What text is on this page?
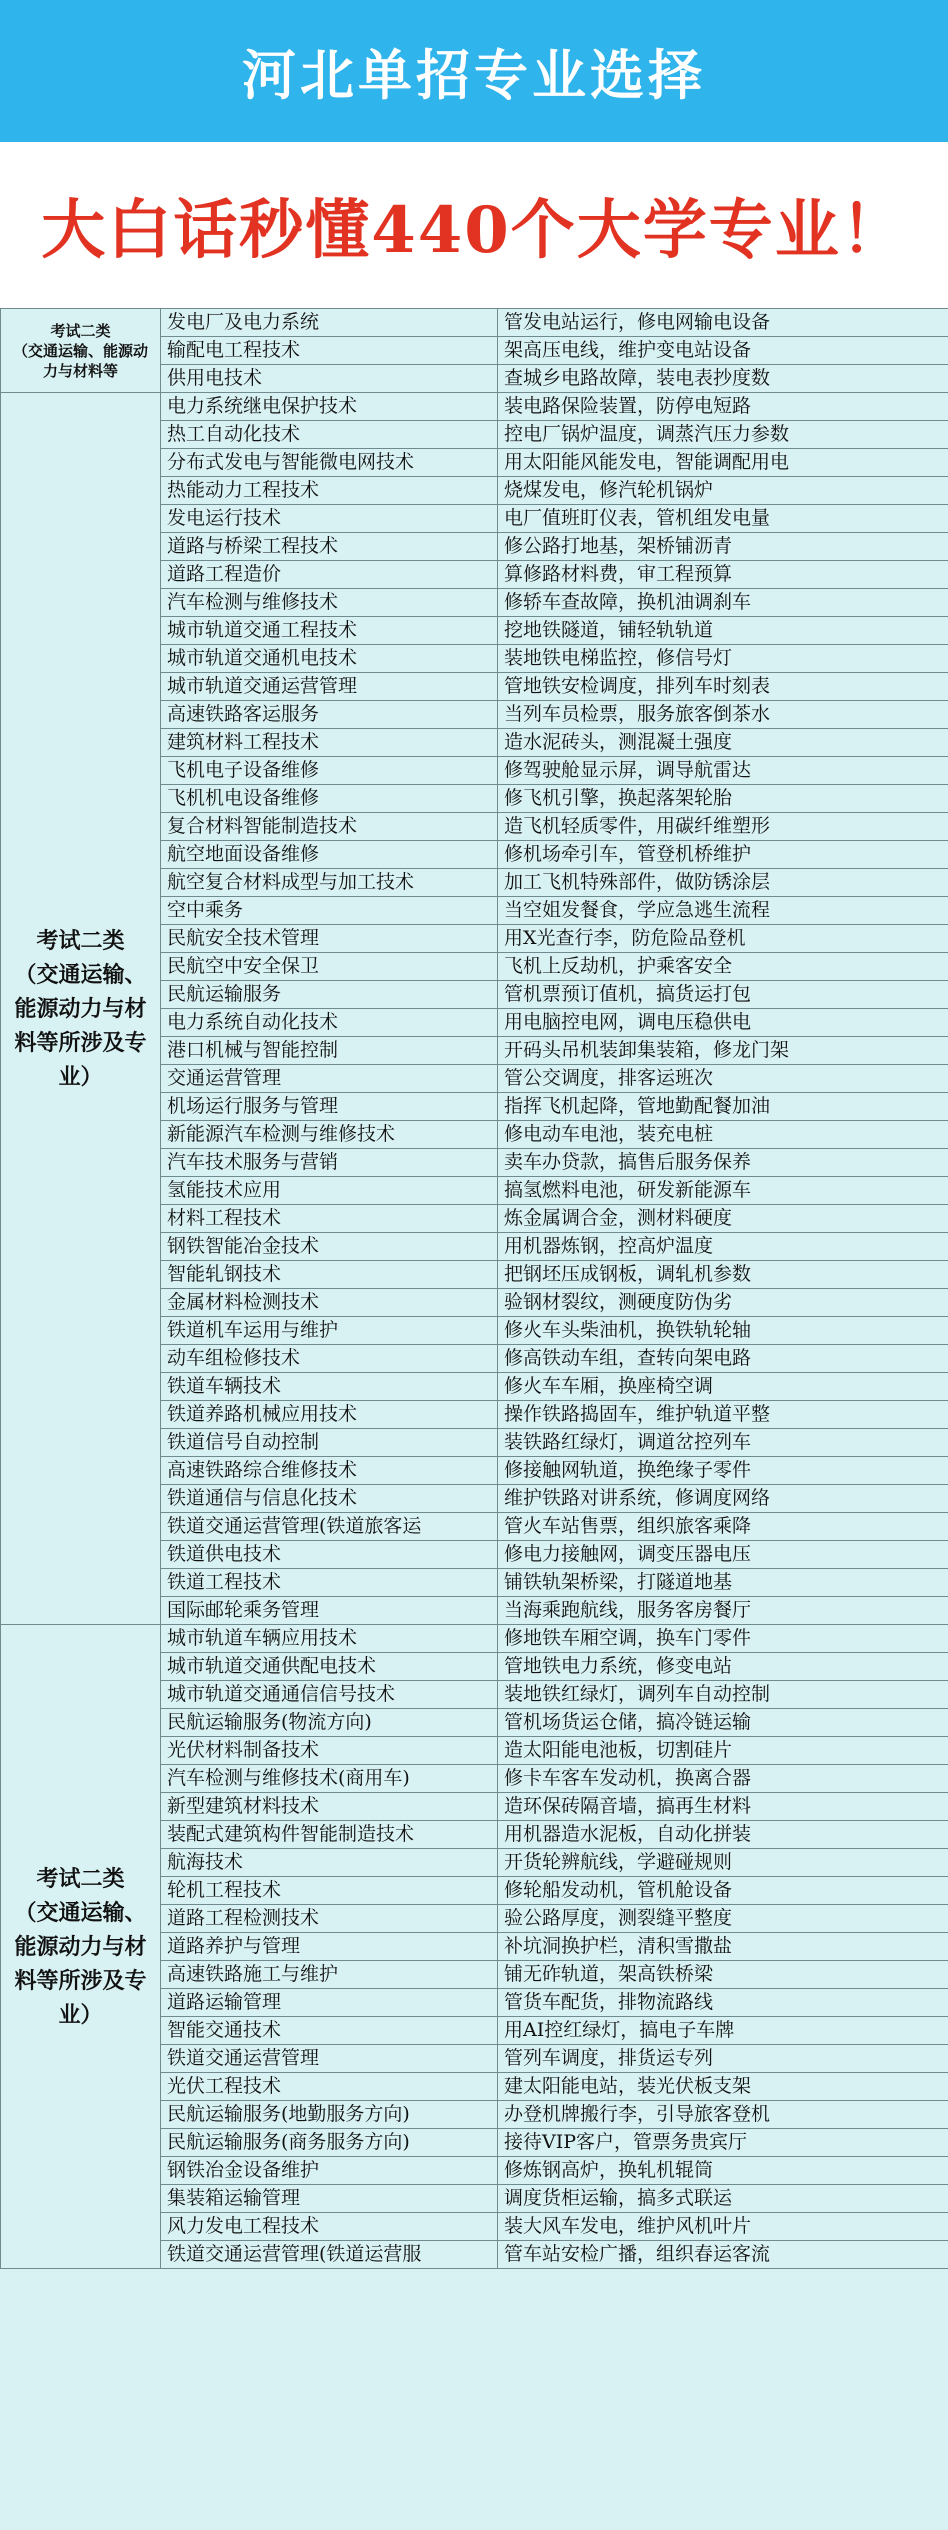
河北单招专业选择
大白话秒懂440个大学专业！
考试二类
（交通运输、能源动力与材料等	发电厂及电力系统	管发电站运行，修电网输电设备
	输配电工程技术	架高压电线，维护变电站设备
	供用电技术	查城乡电路故障，装电表抄度数

考试二类
（交通运输、能源动力与材料等所涉及专业）	电力系统继电保护技术	装电路保险装置，防停电短路
	热工自动化技术	控电厂锅炉温度，调蒸汽压力参数
	分布式发电与智能微电网技术	用太阳能风能发电，智能调配用电
	热能动力工程技术	烧煤发电，修汽轮机锅炉
	发电运行技术	电厂值班盯仪表，管机组发电量
	道路与桥梁工程技术	修公路打地基，架桥铺沥青
	道路工程造价	算修路材料费，审工程预算
	汽车检测与维修技术	修轿车查故障，换机油调刹车
	城市轨道交通工程技术	挖地铁隧道，铺轻轨轨道
	城市轨道交通机电技术	装地铁电梯监控，修信号灯
	城市轨道交通运营管理	管地铁安检调度，排列车时刻表
	高速铁路客运服务	当列车员检票，服务旅客倒茶水
	建筑材料工程技术	造水泥砖头，测混凝土强度
	飞机电子设备维修	修驾驶舱显示屏，调导航雷达
	飞机机电设备维修	修飞机引擎，换起落架轮胎
	复合材料智能制造技术	造飞机轻质零件，用碳纤维塑形
	航空地面设备维修	修机场牵引车，管登机桥维护
	航空复合材料成型与加工技术	加工飞机特殊部件，做防锈涂层
	空中乘务	当空姐发餐食，学应急逃生流程
	民航安全技术管理	用X光查行李，防危险品登机
	民航空中安全保卫	飞机上反劫机，护乘客安全
	民航运输服务	管机票预订值机，搞货运打包
	电力系统自动化技术	用电脑控电网，调电压稳供电
	港口机械与智能控制	开码头吊机装卸集装箱，修龙门架
	交通运营管理	管公交调度，排客运班次
	机场运行服务与管理	指挥飞机起降，管地勤配餐加油
	新能源汽车检测与维修技术	修电动车电池，装充电桩
	汽车技术服务与营销	卖车办贷款，搞售后服务保养
	氢能技术应用	搞氢燃料电池，研发新能源车
	材料工程技术	炼金属调合金，测材料硬度
	钢铁智能冶金技术	用机器炼钢，控高炉温度
	智能轧钢技术	把钢坯压成钢板，调轧机参数
	金属材料检测技术	验钢材裂纹，测硬度防伪劣
	铁道机车运用与维护	修火车头柴油机，换铁轨轮轴
	动车组检修技术	修高铁动车组，查转向架电路
	铁道车辆技术	修火车车厢，换座椅空调
	铁道养路机械应用技术	操作铁路捣固车，维护轨道平整
	铁道信号自动控制	装铁路红绿灯，调道岔控列车
	高速铁路综合维修技术	修接触网轨道，换绝缘子零件
	铁道通信与信息化技术	维护铁路对讲系统，修调度网络
	铁道交通运营管理(铁道旅客运	管火车站售票，组织旅客乘降
	铁道供电技术	修电力接触网，调变压器电压
	铁道工程技术	铺铁轨架桥梁，打隧道地基
	国际邮轮乘务管理	当海乘跑航线，服务客房餐厅

考试二类
（交通运输、能源动力与材料等所涉及专业）	城市轨道车辆应用技术	修地铁车厢空调，换车门零件
	城市轨道交通供配电技术	管地铁电力系统，修变电站
	城市轨道交通通信信号技术	装地铁红绿灯，调列车自动控制
	民航运输服务(物流方向)	管机场货运仓储，搞冷链运输
	光伏材料制备技术	造太阳能电池板，切割硅片
	汽车检测与维修技术(商用车)	修卡车客车发动机，换离合器
	新型建筑材料技术	造环保砖隔音墙，搞再生材料
	装配式建筑构件智能制造技术	用机器造水泥板，自动化拼装
	航海技术	开货轮辨航线，学避碰规则
	轮机工程技术	修轮船发动机，管机舱设备
	道路工程检测技术	验公路厚度，测裂缝平整度
	道路养护与管理	补坑洞换护栏，清积雪撒盐
	高速铁路施工与维护	铺无砟轨道，架高铁桥梁
	道路运输管理	管货车配货，排物流路线
	智能交通技术	用AI控红绿灯，搞电子车牌
	铁道交通运营管理	管列车调度，排货运专列
	光伏工程技术	建太阳能电站，装光伏板支架
	民航运输服务(地勤服务方向)	办登机牌搬行李，引导旅客登机
	民航运输服务(商务服务方向)	接待VIP客户，管票务贵宾厅
	钢铁冶金设备维护	修炼钢高炉，换轧机辊筒
	集装箱运输管理	调度货柜运输，搞多式联运
	风力发电工程技术	装大风车发电，维护风机叶片
	铁道交通运营管理(铁道运营服	管车站安检广播，组织春运客流
